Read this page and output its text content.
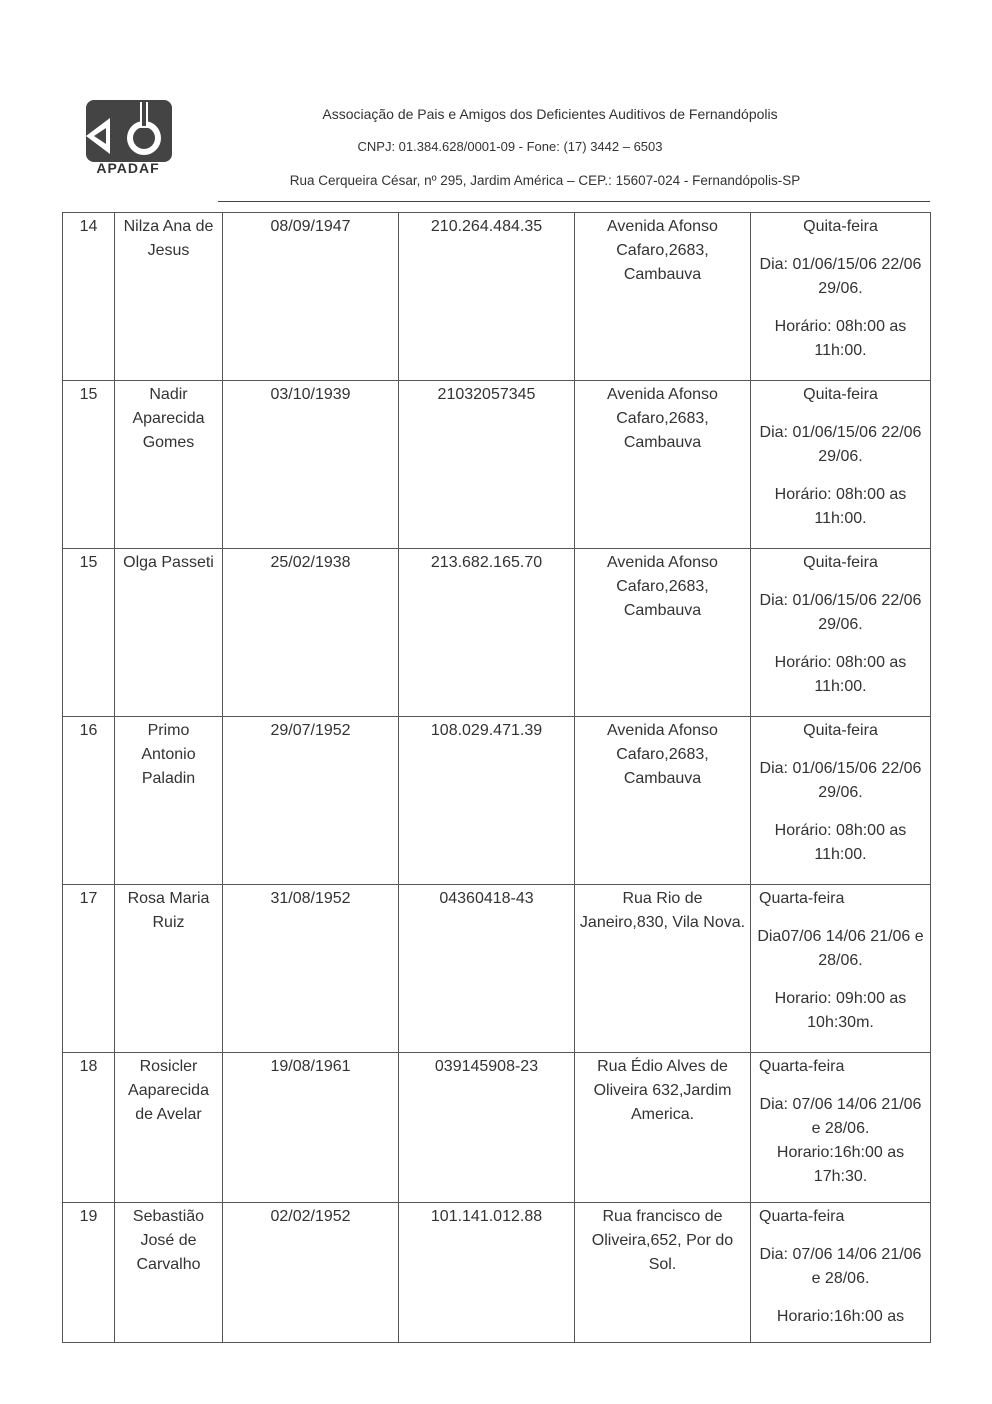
APADAF
Associação de Pais e Amigos dos Deficientes Auditivos de Fernandópolis
CNPJ: 01.384.628/0001-09 - Fone: (17) 3442 – 6503
Rua Cerqueira César, nº 295, Jardim América – CEP.: 15607-024 - Fernandópolis-SP
14	Nilza Ana de Jesus	08/09/1947	210.264.484.35	Avenida Afonso Cafaro,2683, Cambauva	Quita-feira
Dia: 01/06/15/06 22/06 29/06.
Horário: 08h:00 as 11h:00.

15	Nadir Aparecida Gomes	03/10/1939	21032057345	Avenida Afonso Cafaro,2683, Cambauva	Quita-feira
Dia: 01/06/15/06 22/06 29/06.
Horário: 08h:00 as 11h:00.

15	Olga Passeti	25/02/1938	213.682.165.70	Avenida Afonso Cafaro,2683, Cambauva	Quita-feira
Dia: 01/06/15/06 22/06 29/06.
Horário: 08h:00 as 11h:00.

16	Primo Antonio Paladin	29/07/1952	108.029.471.39	Avenida Afonso Cafaro,2683, Cambauva	Quita-feira
Dia: 01/06/15/06 22/06 29/06.
Horário: 08h:00 as 11h:00.

17	Rosa Maria Ruiz	31/08/1952	04360418-43	Rua Rio de Janeiro,830, Vila Nova.	Quarta-feira
Dia07/06 14/06 21/06 e 28/06.
Horario: 09h:00 as 10h:30m.

18	Rosicler Aaparecida de Avelar	19/08/1961	039145908-23	Rua Édio Alves de Oliveira 632,Jardim America.	Quarta-feira
Dia: 07/06 14/06 21/06 e 28/06.
Horario:16h:00 as 17h:30.

19	Sebastião José de Carvalho	02/02/1952	101.141.012.88	Rua francisco de Oliveira,652, Por do Sol.	Quarta-feira
Dia: 07/06 14/06 21/06 e 28/06.
Horario:16h:00 as
